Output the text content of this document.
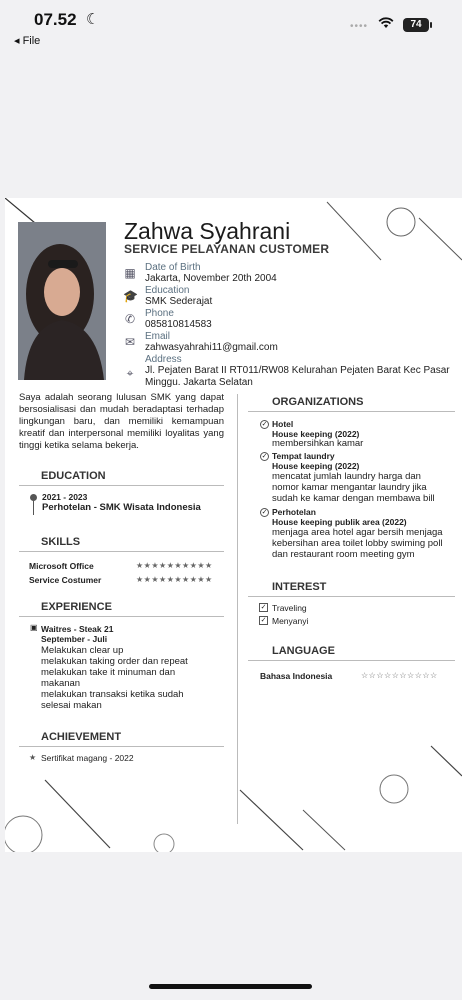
07.52 ☾
◂ File
••••	74
Zahwa Syahrani
SERVICE PELAYANAN CUSTOMER
▦ Date of Birth
Jakarta, November 20th 2004
🎓 Education
SMK Sederajat
✆ Phone
085810814583
✉ Email
zahwasyahrahi11@gmail.com
⌖
Address
Jl. Pejaten Barat II RT011/RW08 Kelurahan Pejaten Barat Kec Pasar Minggu. Jakarta Selatan
Saya adalah seorang lulusan SMK yang dapat bersosialisasi dan mudah beradaptasi terhadap lingkungan baru, dan memiliki kemampuan kreatif dan interpersonal memiliki loyalitas yang tinggi ketika selama bekerja.
EDUCATION
2021 - 2023
Perhotelan - SMK Wisata Indonesia
SKILLS
Microsoft Office	★★★★★★★★★★
Service Costumer	★★★★★★★★★★
EXPERIENCE
▣ Waitres - Steak 21
September - Juli
Melakukan clear up
melakukan taking order dan repeat
melakukan take it minuman dan
makanan
melakukan transaksi ketika sudah
selesai makan
ACHIEVEMENT
★ Sertifikat magang - 2022
ORGANIZATIONS
✓ Hotel
House keeping (2022)
membersihkan kamar
✓ Tempat laundry
House keeping (2022)
mencatat jumlah laundry harga dan
nomor kamar mengantar laundry jika
sudah ke kamar dengan membawa bill
✓ Perhotelan
House keeping publik area (2022)
menjaga area hotel agar bersih menjaga
kebersihan area toilet lobby swiming poll
dan restaurant room meeting gym
INTEREST
✓ Traveling
✓ Menyanyi
LANGUAGE
Bahasa Indonesia	☆☆☆☆☆☆☆☆☆☆
